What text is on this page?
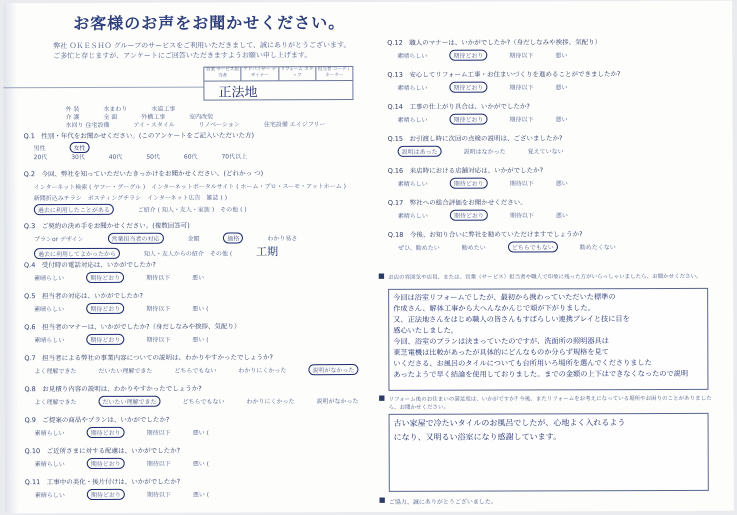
お客様のお声をお聞かせください。
弊社 ＯＫＥＳＨＯ グループのサービスをご利用いただきまして、誠にありがとうございます。
ご多忙と存じますが、アンケートにご回答いただきますようお願い申し上げます。
営業 サービス担当者
アドバイザー デザイナー
リフォーム スタッフ
担当者 コーディネーター
正法地
外 装	水まわり	水道工事
介 護	全 面	外構工事	室内改装
水回り 住宅設備	アイ・スタイル	リノベーション	住宅設備 エイジフリー
Q.1　性別・年代をお聞かせください。(このアンケートをご記入いただいた方)
男性	女性
20代	30代	40代	50代	60代	70代以上
Q.2　今回、弊社を知っていただいたきっかけをお聞かせください。(どれかっ つ)
インターネット検索 ( ヤフー・グーグル )　インターネットポータルサイト ( ホーム・プロ・スーモ・アットホーム )
新聞折込みチラシ　ポスティングチラシ　インターネット広告　雑誌 ( )
過去に利用したことがある	ご紹介 ( 知人・友人・家族 )　その他 ( )
Q.3　ご契約の決め手をお聞かせください。(複数回答可)
プランor デザイン	営業担当者の対応	金額	価格	わかり易さ
過去に利用してよかったから	知人・友人からの紹介　その他 ( 工期
Q.4　受付時の電話対応は、いかがでしたか?
素晴らしい	期待どおり	期待以下	悪い
Q.5　担当者の対応は、いかがでしたか?
素晴らしい	期待どおり	期待以下	悪い (
Q.6　担当者のマナーは、いかがでしたか?（身だしなみや挨拶、気配り）
素晴らしい	期待どおり	期待以下	悪い (
Q.7　担当者による弊社の事業内容についての説明は、わかりやすかったでしょうか?
よく理解できた	だいたい理解できた	どちらでもない	わかりにくかった	説明がなかった
Q.8　お見積り内容の説明は、わかりやすかったでしょうか?
よく理解できた	だいたい理解できた	どちらでもない	わかりにくかった	説明がなかった
Q.9　ご提案の商品やプランは、いかがでしたか?
素晴らしい	期待どおり	期待以下	悪い (
Q.10　ご近所さまに対する配慮は、いかがでしたか?
素晴らしい	期待どおり	期待以下	悪い (
Q.11　工事中の美化・後片付けは、いかがでしたか?
素晴らしい	期待どおり	期待以下	悪い (
Q.12　職人のマナーは、いかがでしたか?（身だしなみや挨拶、気配り）
素晴らしい	期待どおり	期待以下	悪い
Q.13　安心してリフォーム工事・お住まいづくりを進めることができましたか?
素晴らしい	期待どおり	期待以下	悪い
Q.14　工事の仕上がり具合は、いかがでしたか?
素晴らしい	期待どおり	期待以下	悪い
Q.15　お引渡し時に次回の点検の説明は、ございましたか?
説明はあった	説明はなかった	覚えていない
Q.16　来店時における店舗対応は、いかがでしたか?
素晴らしい	期待どおり	期待以下	悪い
Q.17　弊社への総合評価をお聞かせください。
素晴らしい	期待どおり	期待以下	悪い
Q.18　今後、お知り合いに弊社を勧めていただけますでしょうか?
ぜひ、勧めたい	勧めたい	どちらでもない	勧めたくない
■ お店の雰囲気や店員、または、営業（サービス）担当者や職人で印象に残った方がいらっしゃいましたら、お聞かせください。
今回は浴室リフォームでしたが、最初から携わっていただいた標準の
作成さん、解体工事から大へんなかんじで頑が下がりました。
又、正法地さんをはじめ職人の皆さんもすばらしい連携プレイと技に目を
感心いたしました。
今回、浴室のプランは決まっていたのですが、洗面所の照明器具は
東芝電機は比較があったが具体的にどんなものか分らず規格を見て
いくださる、お風呂のタイルについても台所用いろ場所を選んでくださりました
あったようで早く結論を使用しておりました。までの金額の上下はできなくなったので説明
■ リフォーム後のお住まいの満足度は、いかがですか? 今後、またリフォームをお考えになっている場所やお困りのことがありましたら、お聞かせください。
古い家屋で冷たいタイルのお風呂でしたが、心地よく入れるよう
になり、又明るい浴室になり感謝しています。
■ ご協力、誠にありがとうございました。
